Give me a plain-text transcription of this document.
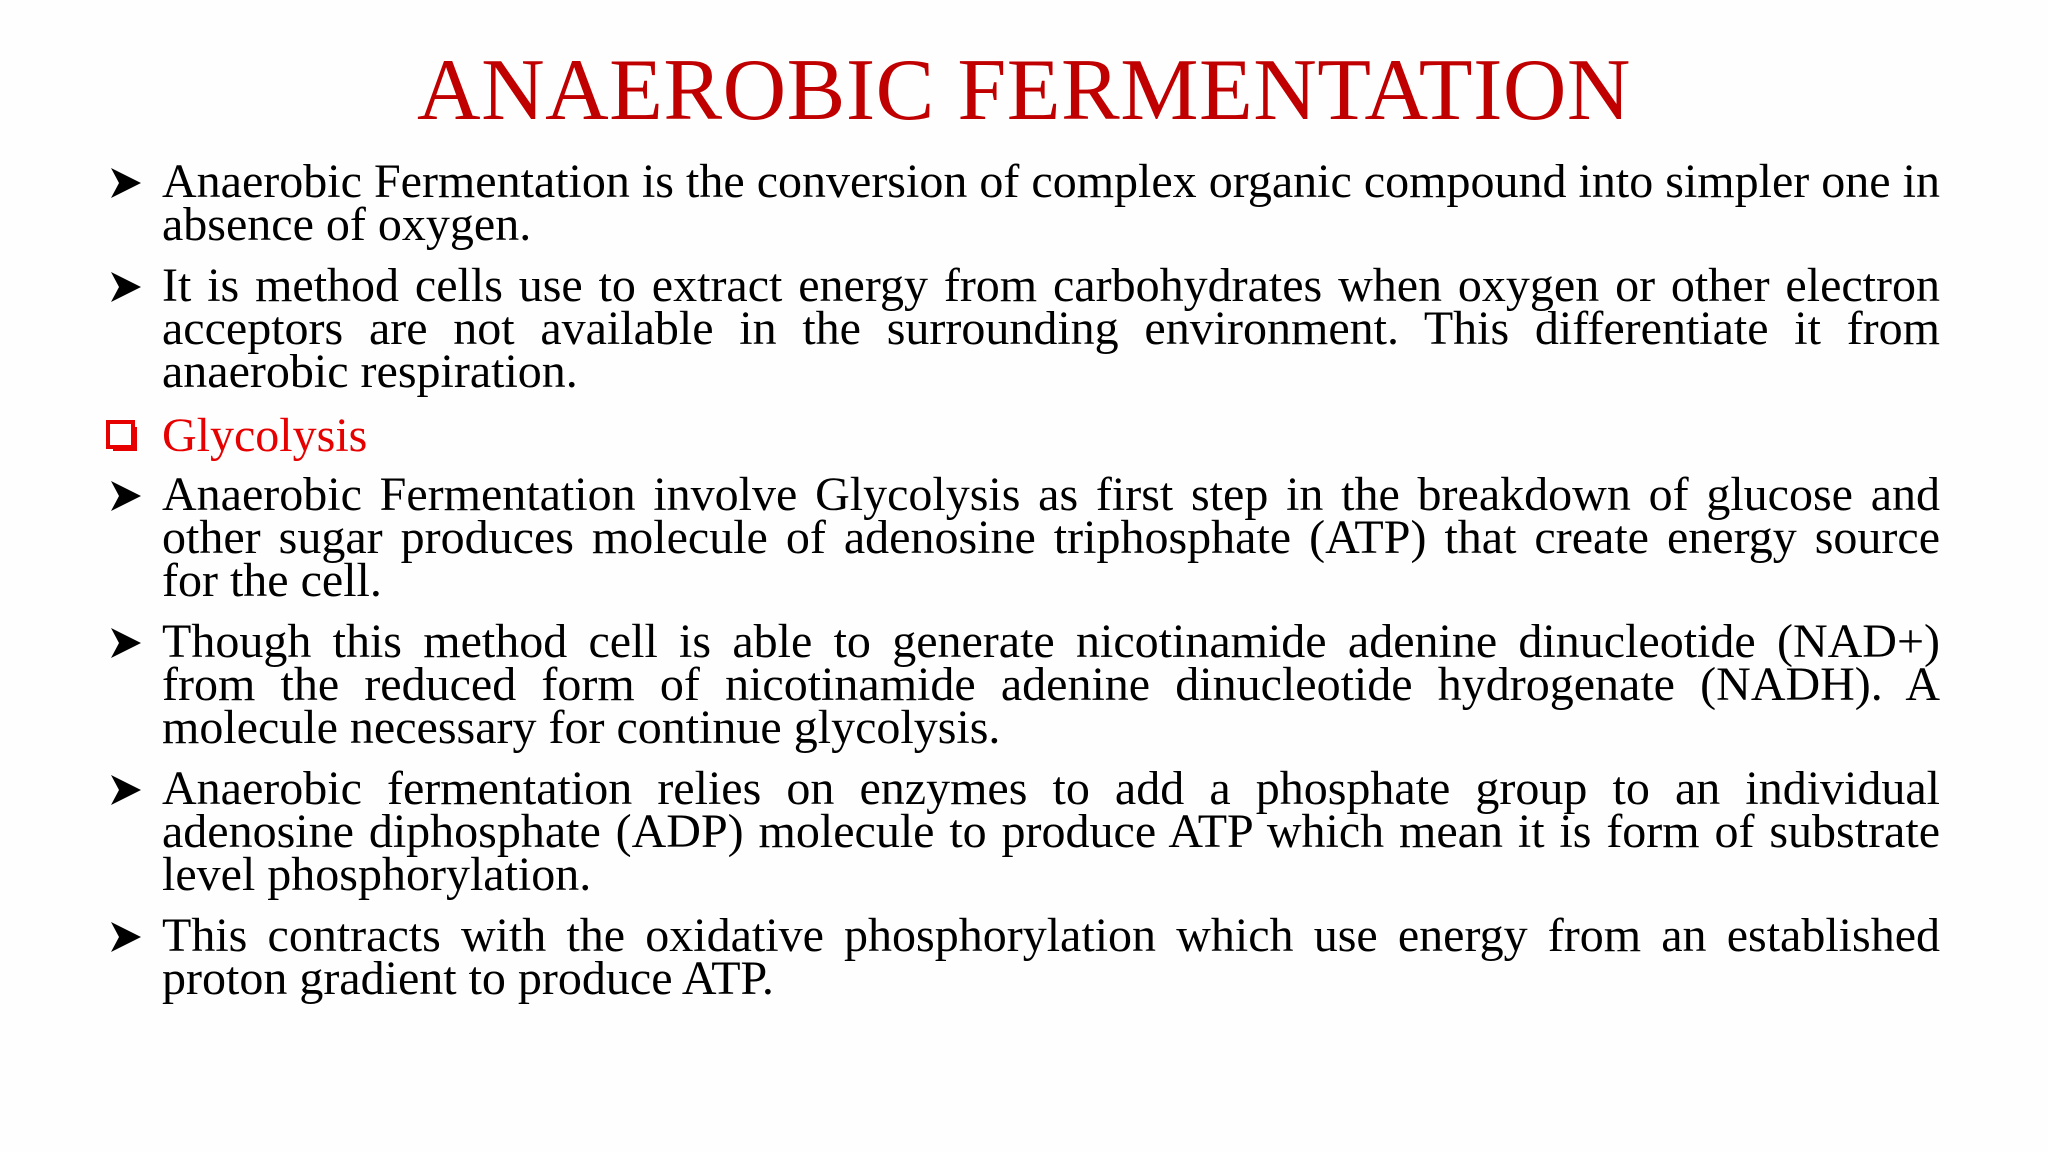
ANAEROBIC FERMENTATION
Anaerobic Fermentation is the conversion of complex organic compound into simpler one in absence of oxygen.
It is method cells use to extract energy from carbohydrates when oxygen or other electron acceptors are not available in the surrounding environment. This differentiate it from anaerobic respiration.
Glycolysis
Anaerobic Fermentation involve Glycolysis as first step in the breakdown of glucose and other sugar produces molecule of adenosine triphosphate (ATP) that create energy source for the cell.
Though this method cell is able to generate nicotinamide adenine dinucleotide (NAD+) from the reduced form of nicotinamide adenine dinucleotide hydrogenate (NADH). A molecule necessary for continue glycolysis.
Anaerobic fermentation relies on enzymes to add a phosphate group to an individual adenosine diphosphate (ADP) molecule to produce ATP which mean it is form of substrate level phosphorylation.
This contracts with the oxidative phosphorylation which use energy from an established proton gradient to produce ATP.
